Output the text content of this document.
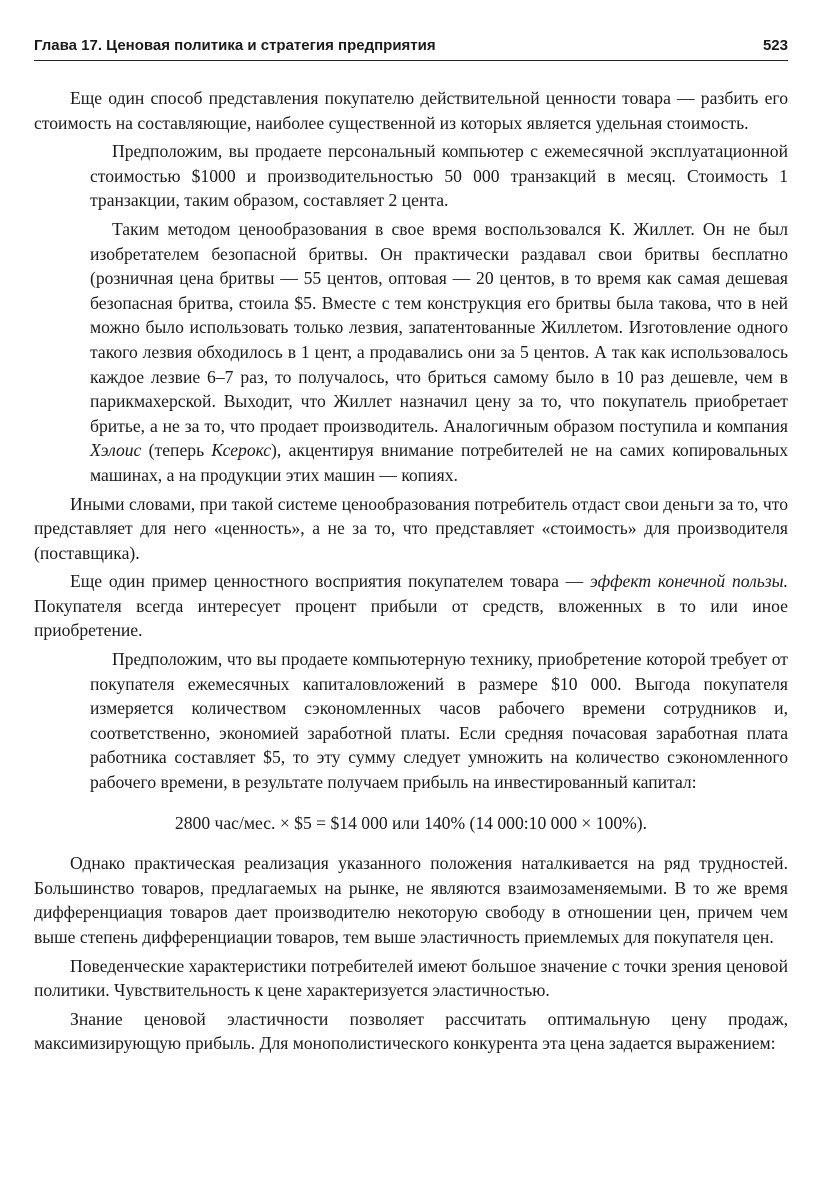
Глава 17. Ценовая политика и стратегия предприятия	523

Еще один способ представления покупателю действительной ценности товара — разбить его стоимость на составляющие, наиболее существенной из которых является удельная стоимость.

Предположим, вы продаете персональный компьютер с ежемесячной эксплуатационной стоимостью $1000 и производительностью 50 000 транзакций в месяц. Стоимость 1 транзакции, таким образом, составляет 2 цента.

Таким методом ценообразования в свое время воспользовался К. Жиллет. Он не был изобретателем безопасной бритвы. Он практически раздавал свои бритвы бесплатно (розничная цена бритвы — 55 центов, оптовая — 20 центов, в то время как самая дешевая безопасная бритва, стоила $5. Вместе с тем конструкция его бритвы была такова, что в ней можно было использовать только лезвия, запатентованные Жиллетом. Изготовление одного такого лезвия обходилось в 1 цент, а продавались они за 5 центов. А так как использовалось каждое лезвие 6–7 раз, то получалось, что бриться самому было в 10 раз дешевле, чем в парикмахерской. Выходит, что Жиллет назначил цену за то, что покупатель приобретает бритье, а не за то, что продает производитель. Аналогичным образом поступила и компания Хэлоис (теперь Ксерокс), акцентируя внимание потребителей не на самих копировальных машинах, а на продукции этих машин — копиях.

Иными словами, при такой системе ценообразования потребитель отдаст свои деньги за то, что представляет для него «ценность», а не за то, что представляет «стоимость» для производителя (поставщика).

Еще один пример ценностного восприятия покупателем товара — эффект конечной пользы. Покупателя всегда интересует процент прибыли от средств, вложенных в то или иное приобретение.

Предположим, что вы продаете компьютерную технику, приобретение которой требует от покупателя ежемесячных капиталовложений в размере $10 000. Выгода покупателя измеряется количеством сэкономленных часов рабочего времени сотрудников и, соответственно, экономией заработной платы. Если средняя почасовая заработная плата работника составляет $5, то эту сумму следует умножить на количество сэкономленного рабочего времени, в результате получаем прибыль на инвестированный капитал:

2800 час/мес. × $5 = $14 000 или 140% (14 000:10 000 × 100%).

Однако практическая реализация указанного положения наталкивается на ряд трудностей. Большинство товаров, предлагаемых на рынке, не являются взаимозаменяемыми. В то же время дифференциация товаров дает производителю некоторую свободу в отношении цен, причем чем выше степень дифференциации товаров, тем выше эластичность приемлемых для покупателя цен.

Поведенческие характеристики потребителей имеют большое значение с точки зрения ценовой политики. Чувствительность к цене характеризуется эластичностью.

Знание ценовой эластичности позволяет рассчитать оптимальную цену продаж, максимизирующую прибыль. Для монополистического конкурента эта цена задается выражением:
